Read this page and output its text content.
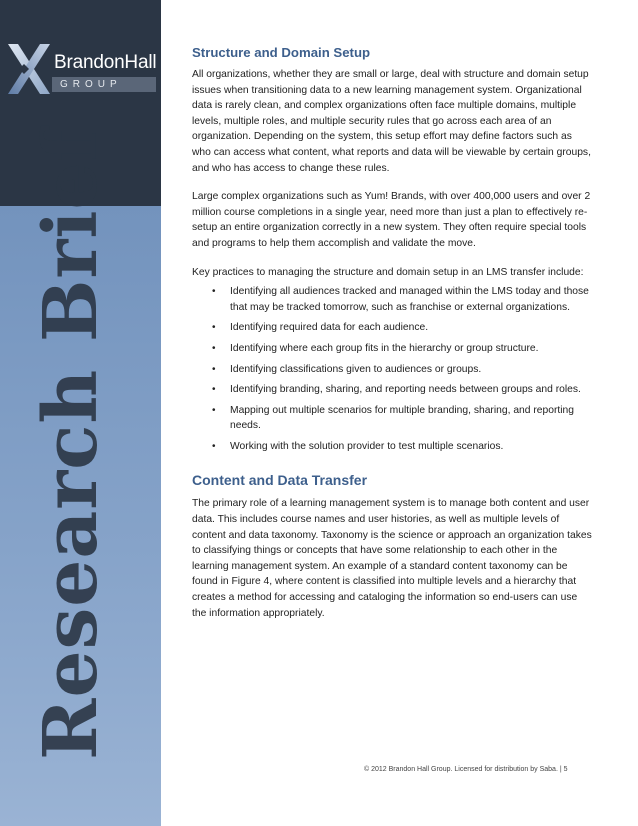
BrandonHall
GROUP
Research Brief
Structure and Domain Setup

All organizations, whether they are small or large, deal with structure and domain setup issues when transitioning data to a new learning management system. Organizational data is rarely clean, and complex organizations often face multiple domains, multiple levels, multiple roles, and multiple security rules that go across each area of an organization. Depending on the system, this setup effort may define factors such as who can access what content, what reports and data will be viewable by certain groups, and who has access to change these rules.

Large complex organizations such as Yum! Brands, with over 400,000 users and over 2 million course completions in a single year, need more than just a plan to effectively re-setup an entire organization correctly in a new system. They often require special tools and programs to help them accomplish and validate the move.

Key practices to managing the structure and domain setup in an LMS transfer include:

• Identifying all audiences tracked and managed within the LMS today and those that may be tracked tomorrow, such as franchise or external organizations.
• Identifying required data for each audience.
• Identifying where each group fits in the hierarchy or group structure.
• Identifying classifications given to audiences or groups.
• Identifying branding, sharing, and reporting needs between groups and roles.
• Mapping out multiple scenarios for multiple branding, sharing, and reporting needs.
• Working with the solution provider to test multiple scenarios.
Content and Data Transfer

The primary role of a learning management system is to manage both content and user data. This includes course names and user histories, as well as multiple levels of content and data taxonomy. Taxonomy is the science or approach an organization takes to classifying things or concepts that have some relationship to each other in the learning management system. An example of a standard content taxonomy can be found in Figure 4, where content is classified into multiple levels and a hierarchy that creates a method for accessing and cataloging the information so end-users can use the information appropriately.

© 2012 Brandon Hall Group. Licensed for distribution by Saba. | 5
